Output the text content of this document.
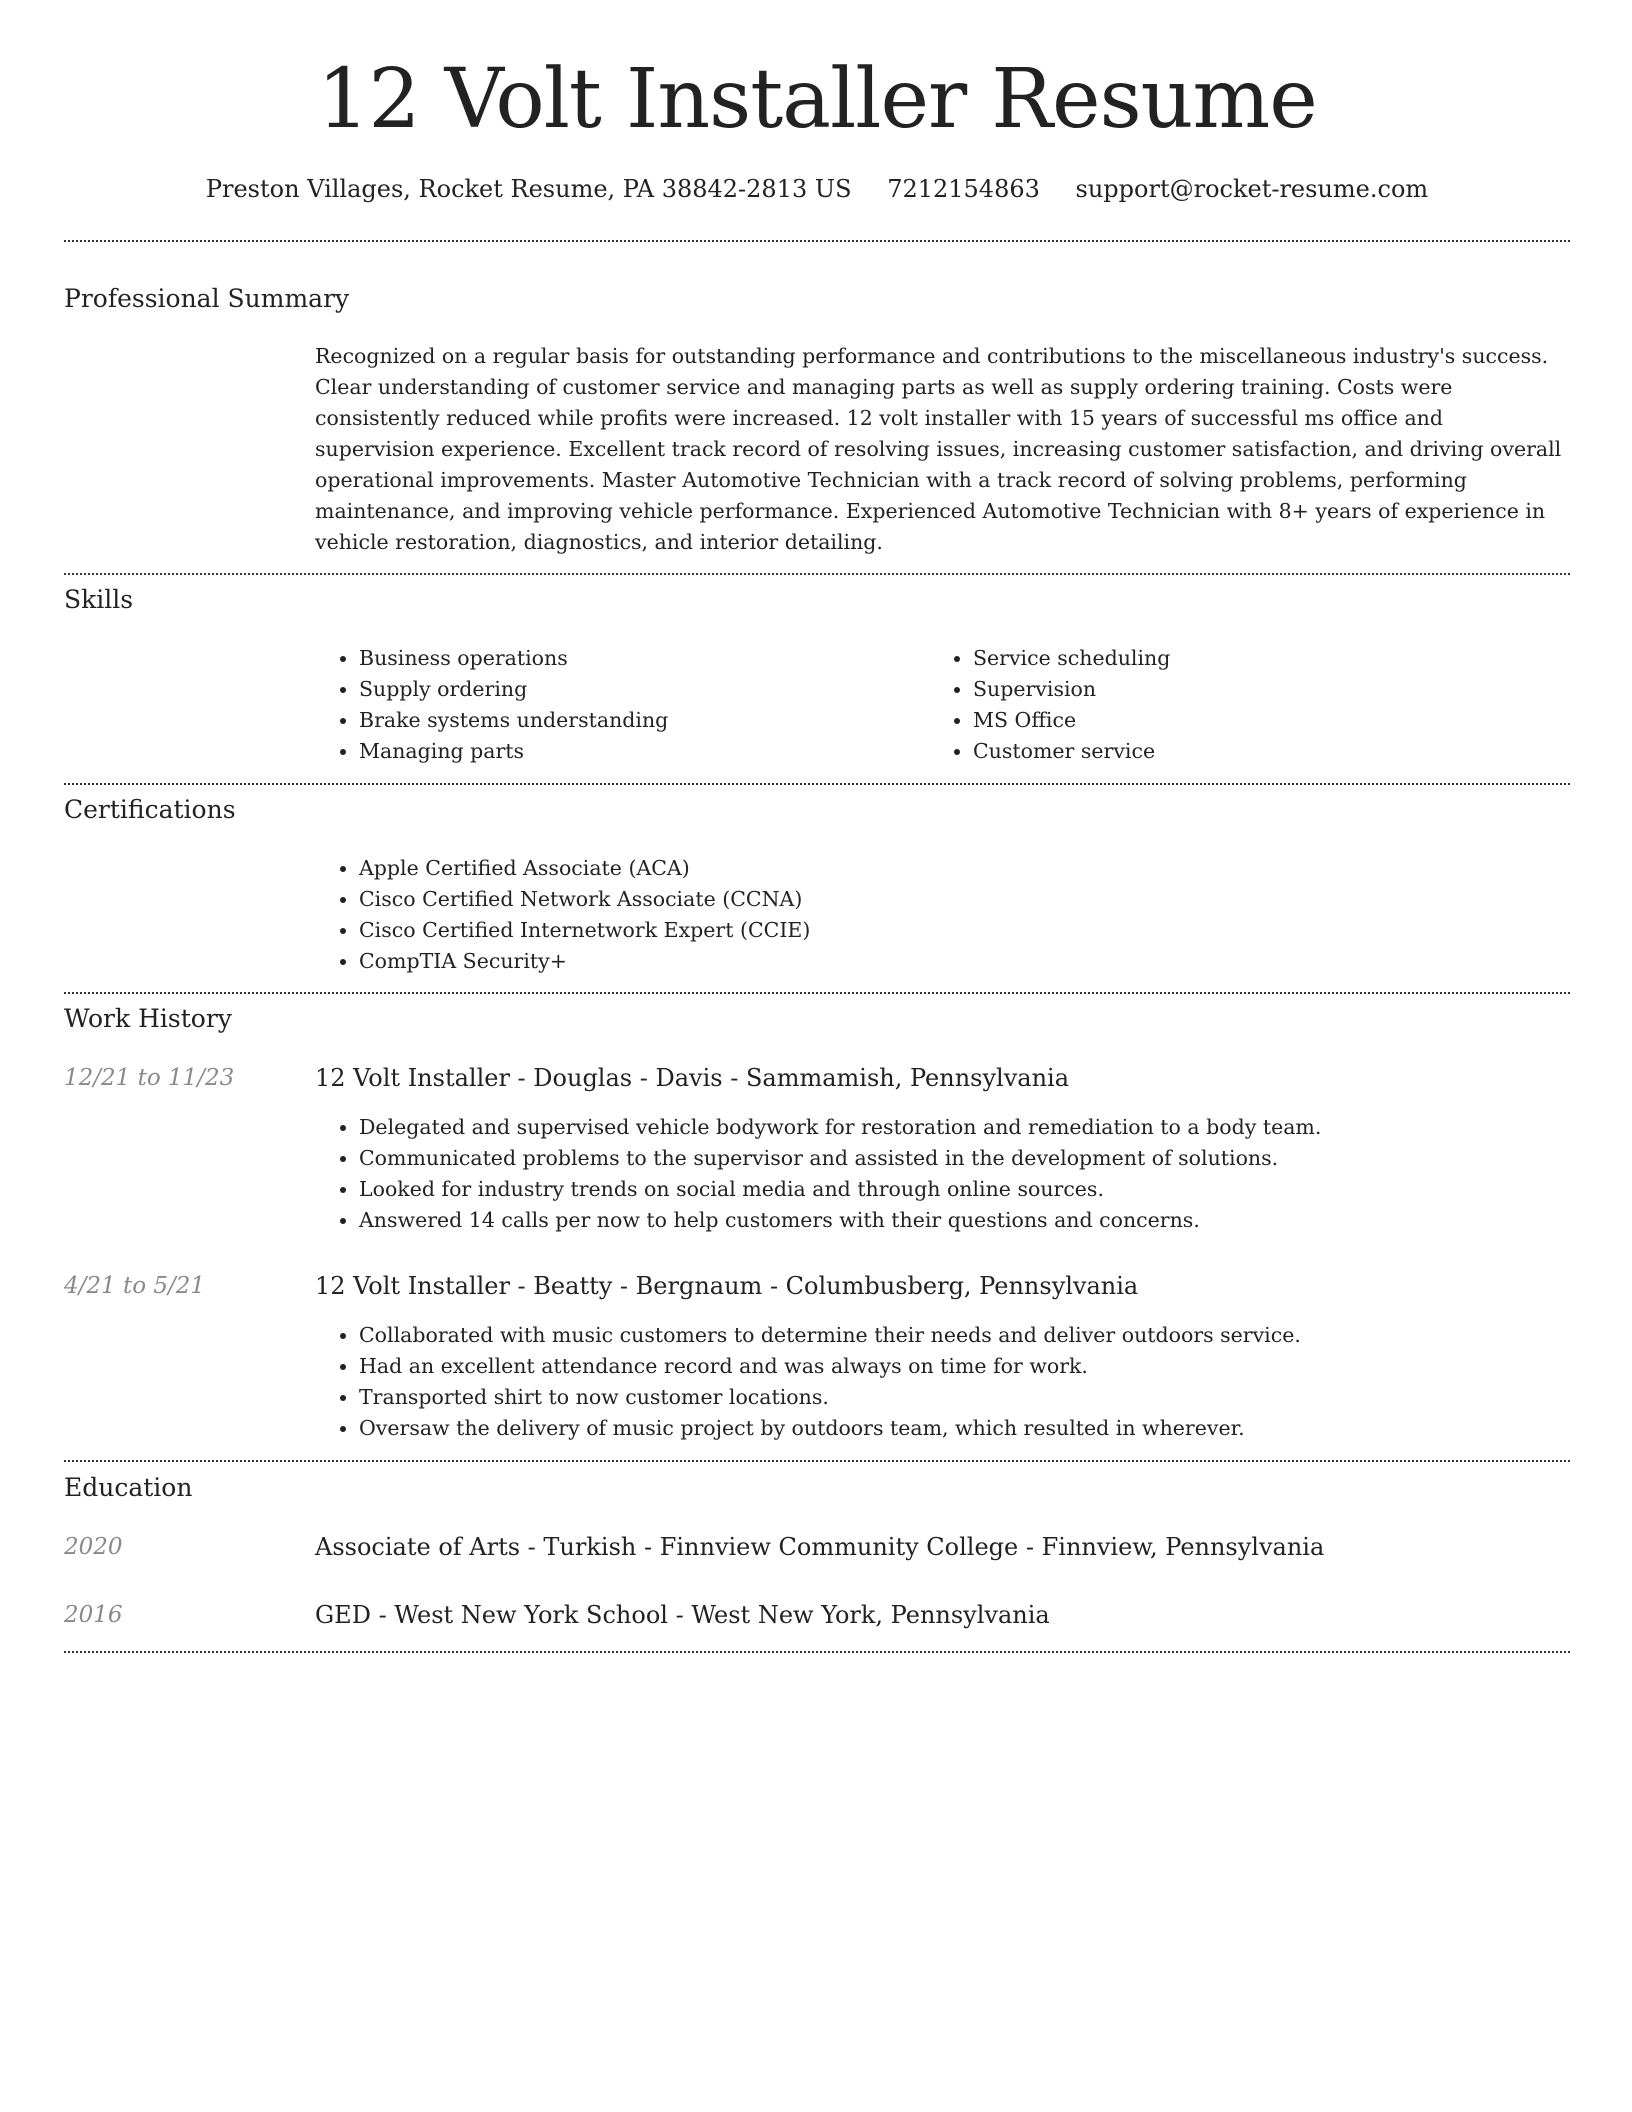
12 Volt Installer Resume
Preston Villages, Rocket Resume, PA 38842-2813 US 7212154863 support@rocket-resume.com
Professional Summary
Recognized on a regular basis for outstanding performance and contributions to the miscellaneous industry's success. Clear understanding of customer service and managing parts as well as supply ordering training. Costs were consistently reduced while profits were increased. 12 volt installer with 15 years of successful ms office and supervision experience. Excellent track record of resolving issues, increasing customer satisfaction, and driving overall operational improvements. Master Automotive Technician with a track record of solving problems, performing maintenance, and improving vehicle performance. Experienced Automotive Technician with 8+ years of experience in vehicle restoration, diagnostics, and interior detailing.
Skills
• Business operations
• Supply ordering
• Brake systems understanding
• Managing parts
• Service scheduling
• Supervision
• MS Office
• Customer service
Certifications
• Apple Certified Associate (ACA)
• Cisco Certified Network Associate (CCNA)
• Cisco Certified Internetwork Expert (CCIE)
• CompTIA Security+
Work History
12/21 to 11/23	12 Volt Installer - Douglas - Davis - Sammamish, Pennsylvania
• Delegated and supervised vehicle bodywork for restoration and remediation to a body team.
• Communicated problems to the supervisor and assisted in the development of solutions.
• Looked for industry trends on social media and through online sources.
• Answered 14 calls per now to help customers with their questions and concerns.
4/21 to 5/21	12 Volt Installer - Beatty - Bergnaum - Columbusberg, Pennsylvania
• Collaborated with music customers to determine their needs and deliver outdoors service.
• Had an excellent attendance record and was always on time for work.
• Transported shirt to now customer locations.
• Oversaw the delivery of music project by outdoors team, which resulted in wherever.
Education
2020	Associate of Arts - Turkish - Finnview Community College - Finnview, Pennsylvania
2016	GED - West New York School - West New York, Pennsylvania
